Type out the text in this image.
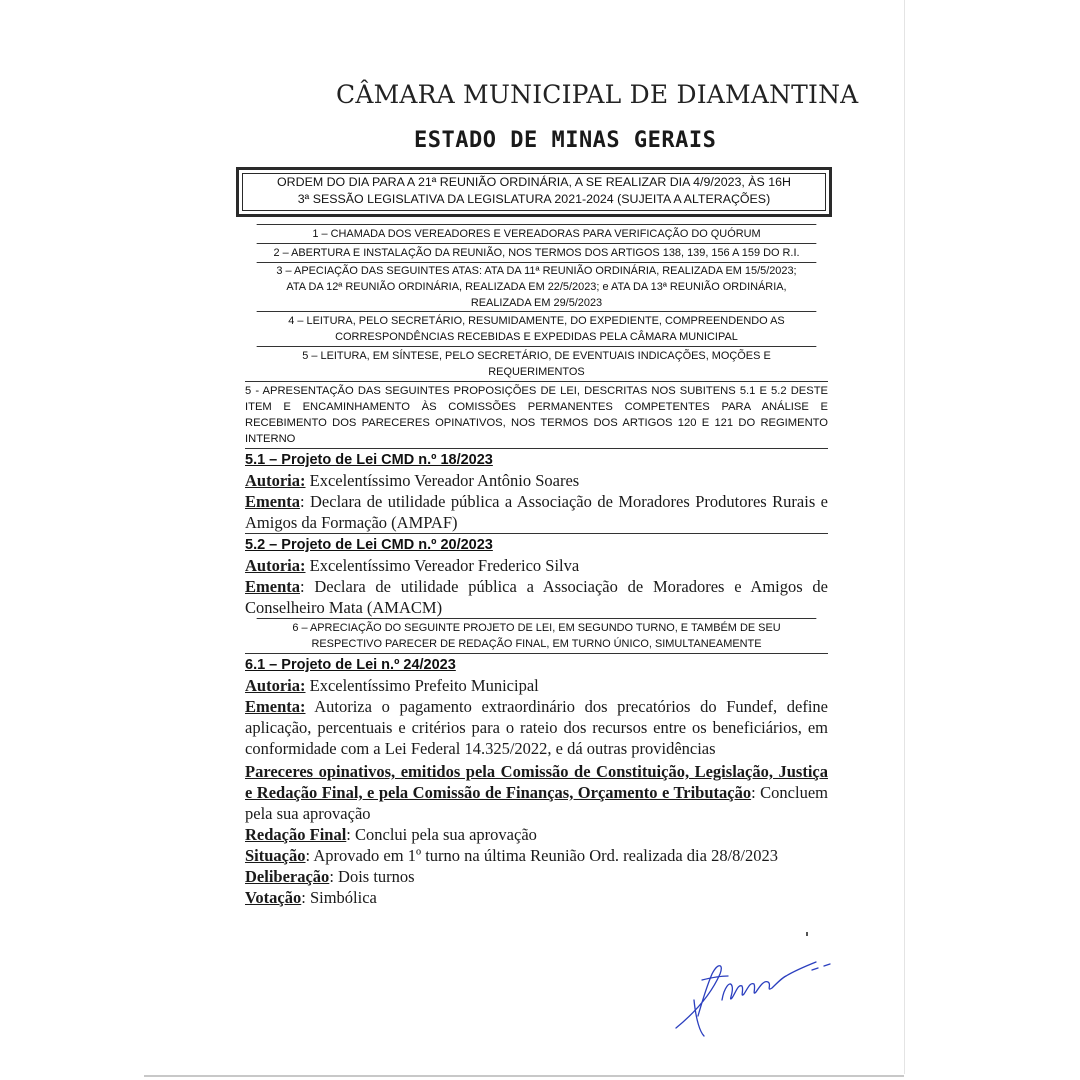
CÂMARA MUNICIPAL DE DIAMANTINA
ESTADO DE MINAS GERAIS
ORDEM DO DIA PARA A 21ª REUNIÃO ORDINÁRIA, A SE REALIZAR DIA 4/9/2023, ÀS 16H
3ª SESSÃO LEGISLATIVA DA LEGISLATURA 2021-2024 (SUJEITA A ALTERAÇÕES)
1 – CHAMADA DOS VEREADORES E VEREADORAS PARA VERIFICAÇÃO DO QUÓRUM
2 – ABERTURA E INSTALAÇÃO DA REUNIÃO, NOS TERMOS DOS ARTIGOS 138, 139, 156 A 159 DO R.I.
3 – APECIAÇÃO DAS SEGUINTES ATAS: ATA DA 11ª REUNIÃO ORDINÁRIA, REALIZADA EM 15/5/2023; ATA DA 12ª REUNIÃO ORDINÁRIA, REALIZADA EM 22/5/2023; e ATA DA 13ª REUNIÃO ORDINÁRIA, REALIZADA EM 29/5/2023
4 – LEITURA, PELO SECRETÁRIO, RESUMIDAMENTE, DO EXPEDIENTE, COMPREENDENDO AS CORRESPONDÊNCIAS RECEBIDAS E EXPEDIDAS PELA CÂMARA MUNICIPAL
5 – LEITURA, EM SÍNTESE, PELO SECRETÁRIO, DE EVENTUAIS INDICAÇÕES, MOÇÕES E REQUERIMENTOS
5 - APRESENTAÇÃO DAS SEGUINTES PROPOSIÇÕES DE LEI, DESCRITAS NOS SUBITENS 5.1 E 5.2 DESTE ITEM E ENCAMINHAMENTO ÀS COMISSÕES PERMANENTES COMPETENTES PARA ANÁLISE E RECEBIMENTO DOS PARECERES OPINATIVOS, NOS TERMOS DOS ARTIGOS 120 E 121 DO REGIMENTO INTERNO
5.1 – Projeto de Lei CMD n.º 18/2023
Autoria: Excelentíssimo Vereador Antônio Soares
Ementa: Declara de utilidade pública a Associação de Moradores Produtores Rurais e Amigos da Formação (AMPAF)
5.2 – Projeto de Lei CMD n.º 20/2023
Autoria: Excelentíssimo Vereador Frederico Silva
Ementa: Declara de utilidade pública a Associação de Moradores e Amigos de Conselheiro Mata (AMACM)
6 – APRECIAÇÃO DO SEGUINTE PROJETO DE LEI, EM SEGUNDO TURNO, E TAMBÉM DE SEU RESPECTIVO PARECER DE REDAÇÃO FINAL, EM TURNO ÚNICO, SIMULTANEAMENTE
6.1 – Projeto de Lei n.º 24/2023
Autoria: Excelentíssimo Prefeito Municipal
Ementa: Autoriza o pagamento extraordinário dos precatórios do Fundef, define aplicação, percentuais e critérios para o rateio dos recursos entre os beneficiários, em conformidade com a Lei Federal 14.325/2022, e dá outras providências
Pareceres opinativos, emitidos pela Comissão de Constituição, Legislação, Justiça e Redação Final, e pela Comissão de Finanças, Orçamento e Tributação: Concluem pela sua aprovação
Redação Final: Conclui pela sua aprovação
Situação: Aprovado em 1º turno na última Reunião Ord. realizada dia 28/8/2023
Deliberação: Dois turnos
Votação: Simbólica
